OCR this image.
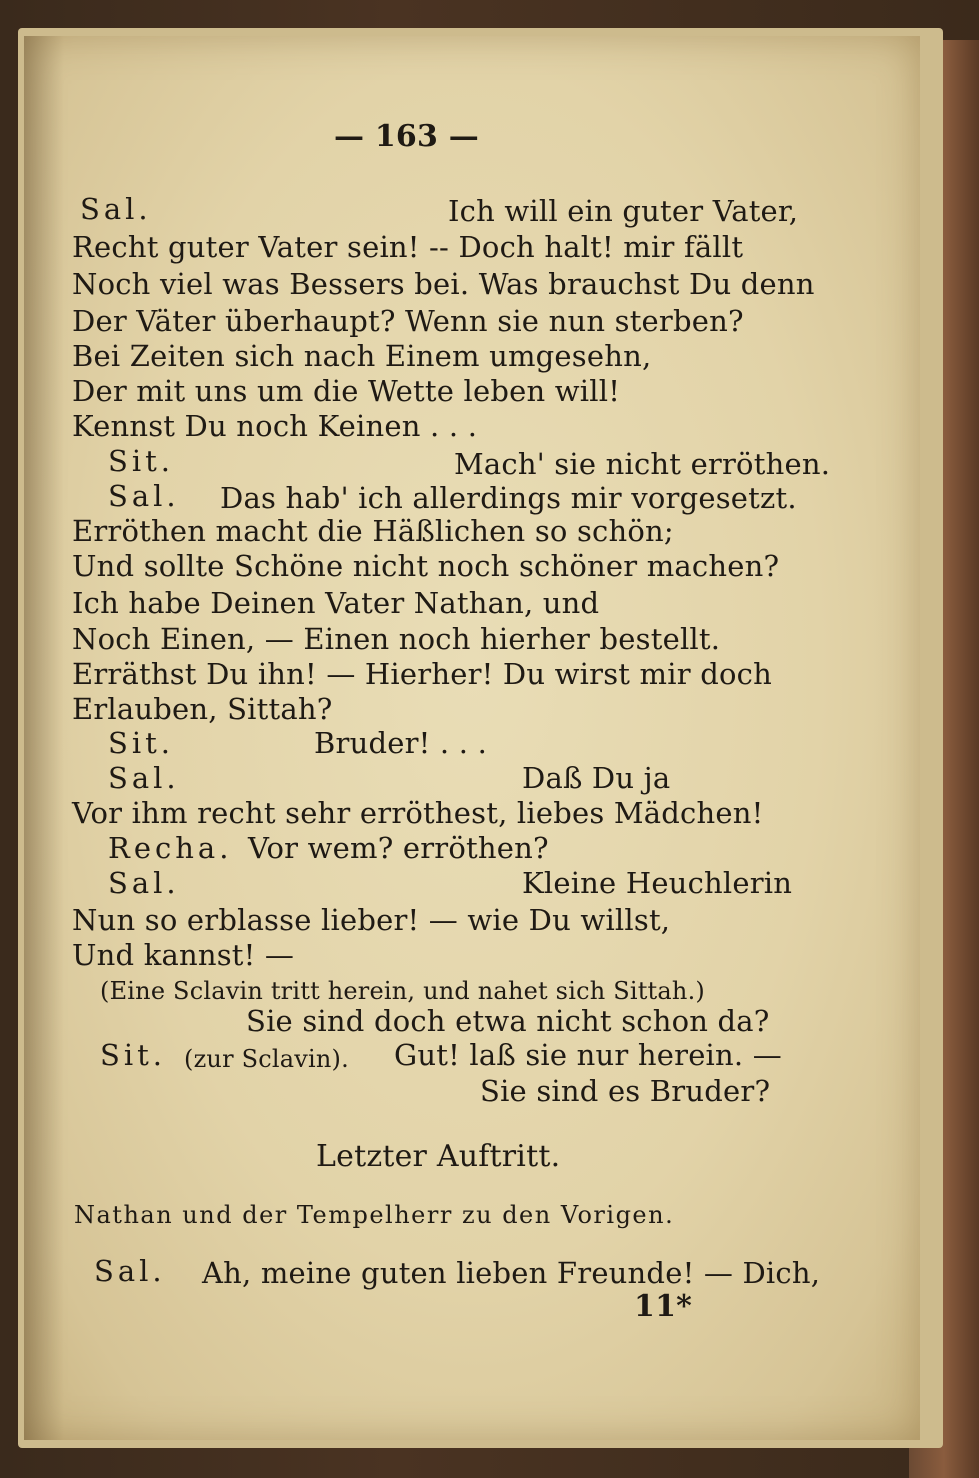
— 163 —
Sal.	Ich will ein guter Vater,
Recht guter Vater sein! -- Doch halt! mir fällt
Noch viel was Bessers bei. Was brauchst Du denn
Der Väter überhaupt? Wenn sie nun sterben?
Bei Zeiten sich nach Einem umgesehn,
Der mit uns um die Wette leben will!
Kennst Du noch Keinen . . .
Sit.	Mach' sie nicht erröthen.
Sal. Das hab' ich allerdings mir vorgesetzt.
Erröthen macht die Häßlichen so schön;
Und sollte Schöne nicht noch schöner machen?
Ich habe Deinen Vater Nathan, und
Noch Einen, — Einen noch hierher bestellt.
Erräthst Du ihn! — Hierher! Du wirst mir doch
Erlauben, Sittah?
Sit.	Bruder! . . .
Sal.	Daß Du ja
Vor ihm recht sehr erröthest, liebes Mädchen!
Recha. Vor wem? erröthen?
Sal.	Kleine Heuchlerin
Nun so erblasse lieber! — wie Du willst,
Und kannst! —
(Eine Sclavin tritt herein, und nahet sich Sittah.)
Sie sind doch etwa nicht schon da?
Sit. (zur Sclavin). Gut! laß sie nur herein. —
Sie sind es Bruder?
Letzter Auftritt.
Nathan und der Tempelherr zu den Vorigen.
Sal. Ah, meine guten lieben Freunde! — Dich,
11*
